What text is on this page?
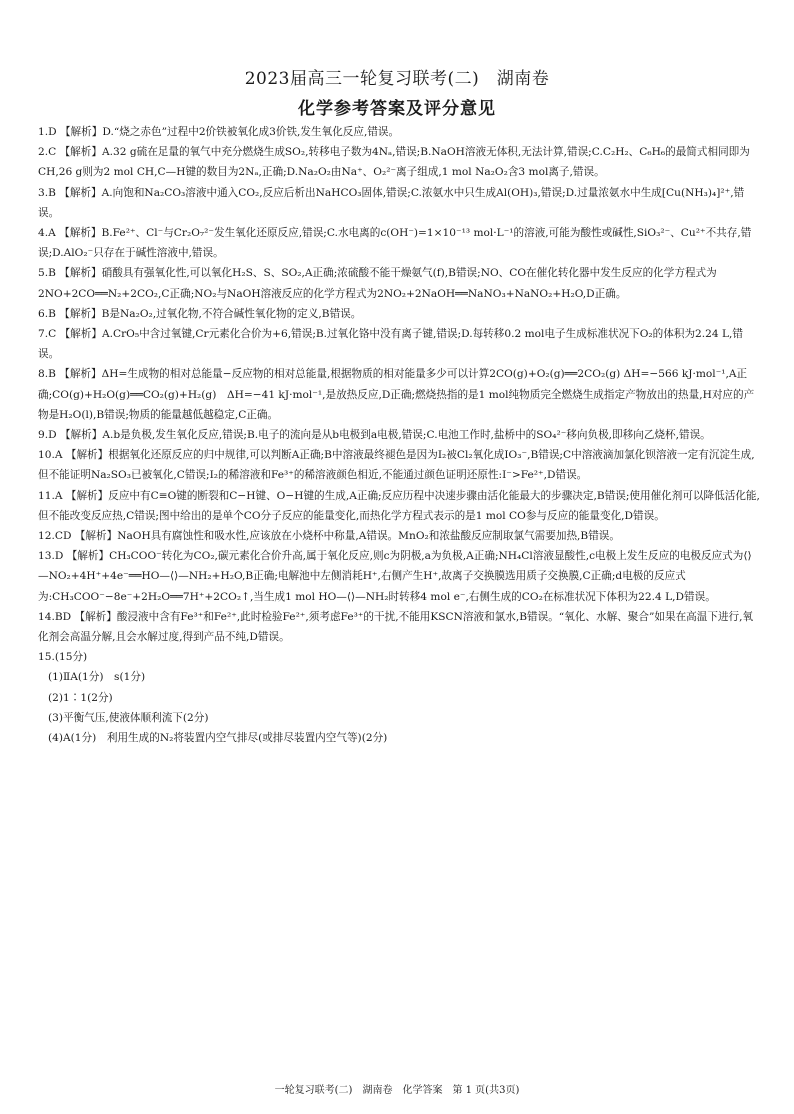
2023届高三一轮复习联考(二)　湖南卷
化学参考答案及评分意见

1.D 【解析】D.“烧之赤色”过程中2价铁被氧化成3价铁,发生氧化反应,错误。

2.C 【解析】A.32 g硫在足量的氧气中充分燃烧生成SO₂,转移电子数为4Nₐ,错误;B.NaOH溶液无体积,无法计算,错误;C.C₂H₂、C₆H₆的最简式相同即为CH,26 g则为2 mol CH,C—H键的数目为2Nₐ,正确;D.Na₂O₂由Na⁺、O₂²⁻离子组成,1 mol Na₂O₂含3 mol离子,错误。

3.B 【解析】A.向饱和Na₂CO₃溶液中通入CO₂,反应后析出NaHCO₃固体,错误;C.浓氨水中只生成Al(OH)₃,错误;D.过量浓氨水中生成[Cu(NH₃)₄]²⁺,错误。

4.A 【解析】B.Fe²⁺、Cl⁻与Cr₂O₇²⁻发生氧化还原反应,错误;C.水电离的c(OH⁻)=1×10⁻¹³ mol·L⁻¹的溶液,可能为酸性或碱性,SiO₃²⁻、Cu²⁺不共存,错误;D.AlO₂⁻只存在于碱性溶液中,错误。

5.B 【解析】硝酸具有强氧化性,可以氧化H₂S、S、SO₂,A正确;浓硫酸不能干燥氨气(f),B错误;NO、CO在催化转化器中发生反应的化学方程式为2NO+2CO══N₂+2CO₂,C正确;NO₂与NaOH溶液反应的化学方程式为2NO₂+2NaOH══NaNO₃+NaNO₂+H₂O,D正确。

6.B 【解析】B是Na₂O₂,过氧化物,不符合碱性氧化物的定义,B错误。

7.C 【解析】A.CrO₅中含过氧键,Cr元素化合价为+6,错误;B.过氧化铬中没有离子键,错误;D.每转移0.2 mol电子生成标准状况下O₂的体积为2.24 L,错误。

8.B 【解析】ΔH=生成物的相对总能量−反应物的相对总能量,根据物质的相对能量多少可以计算2CO(g)+O₂(g)══2CO₂(g) ΔH=−566 kJ·mol⁻¹,A正确;CO(g)+H₂O(g)══CO₂(g)+H₂(g)　ΔH=−41 kJ·mol⁻¹,是放热反应,D正确;燃烧热指的是1 mol纯物质完全燃烧生成指定产物放出的热量,H对应的产物是H₂O(l),B错误;物质的能量越低越稳定,C正确。

9.D 【解析】A.b是负极,发生氧化反应,错误;B.电子的流向是从b电极到a电极,错误;C.电池工作时,盐桥中的SO₄²⁻移向负极,即移向乙烧杯,错误。

10.A 【解析】根据氧化还原反应的归中规律,可以判断A正确;B中溶液最终褪色是因为I₂被Cl₂氧化成IO₃⁻,B错误;C中溶液滴加氯化钡溶液一定有沉淀生成,但不能证明Na₂SO₃已被氧化,C错误;I₂的稀溶液和Fe³⁺的稀溶液颜色相近,不能通过颜色证明还原性:I⁻>Fe²⁺,D错误。

11.A 【解析】反应中有C≡O键的断裂和C−H键、O−H键的生成,A正确;反应历程中决速步骤由活化能最大的步骤决定,B错误;使用催化剂可以降低活化能,但不能改变反应热,C错误;图中给出的是单个CO分子反应的能量变化,而热化学方程式表示的是1 mol CO参与反应的能量变化,D错误。

12.CD 【解析】NaOH具有腐蚀性和吸水性,应该放在小烧杯中称量,A错误。MnO₂和浓盐酸反应制取氯气需要加热,B错误。

13.D 【解析】CH₃COO⁻转化为CO₂,碳元素化合价升高,属于氧化反应,则c为阴极,a为负极,A正确;NH₄Cl溶液显酸性,c电极上发生反应的电极反应式为⟨⟩—NO₂+4H⁺+4e⁻══HO—⟨⟩—NH₂+H₂O,B正确;电解池中左侧消耗H⁺,右侧产生H⁺,故离子交换膜选用质子交换膜,C正确;d电极的反应式为:CH₃COO⁻−8e⁻+2H₂O══7H⁺+2CO₂↑,当生成1 mol HO—⟨⟩—NH₂时转移4 mol e⁻,右侧生成的CO₂在标准状况下体积为22.4 L,D错误。

14.BD 【解析】酸浸液中含有Fe³⁺和Fe²⁺,此时检验Fe²⁺,须考虑Fe³⁺的干扰,不能用KSCN溶液和氯水,B错误。“氧化、水解、聚合”如果在高温下进行,氧化剂会高温分解,且会水解过度,得到产品不纯,D错误。

15.(15分)

(1)ⅡA(1分)　s(1分)

(2)1∶1(2分)

(3)平衡气压,使液体顺利流下(2分)

(4)A(1分)　利用生成的N₂将装置内空气排尽(或排尽装置内空气等)(2分)

一轮复习联考(二)　湖南卷　化学答案　第 1 页(共3页)
